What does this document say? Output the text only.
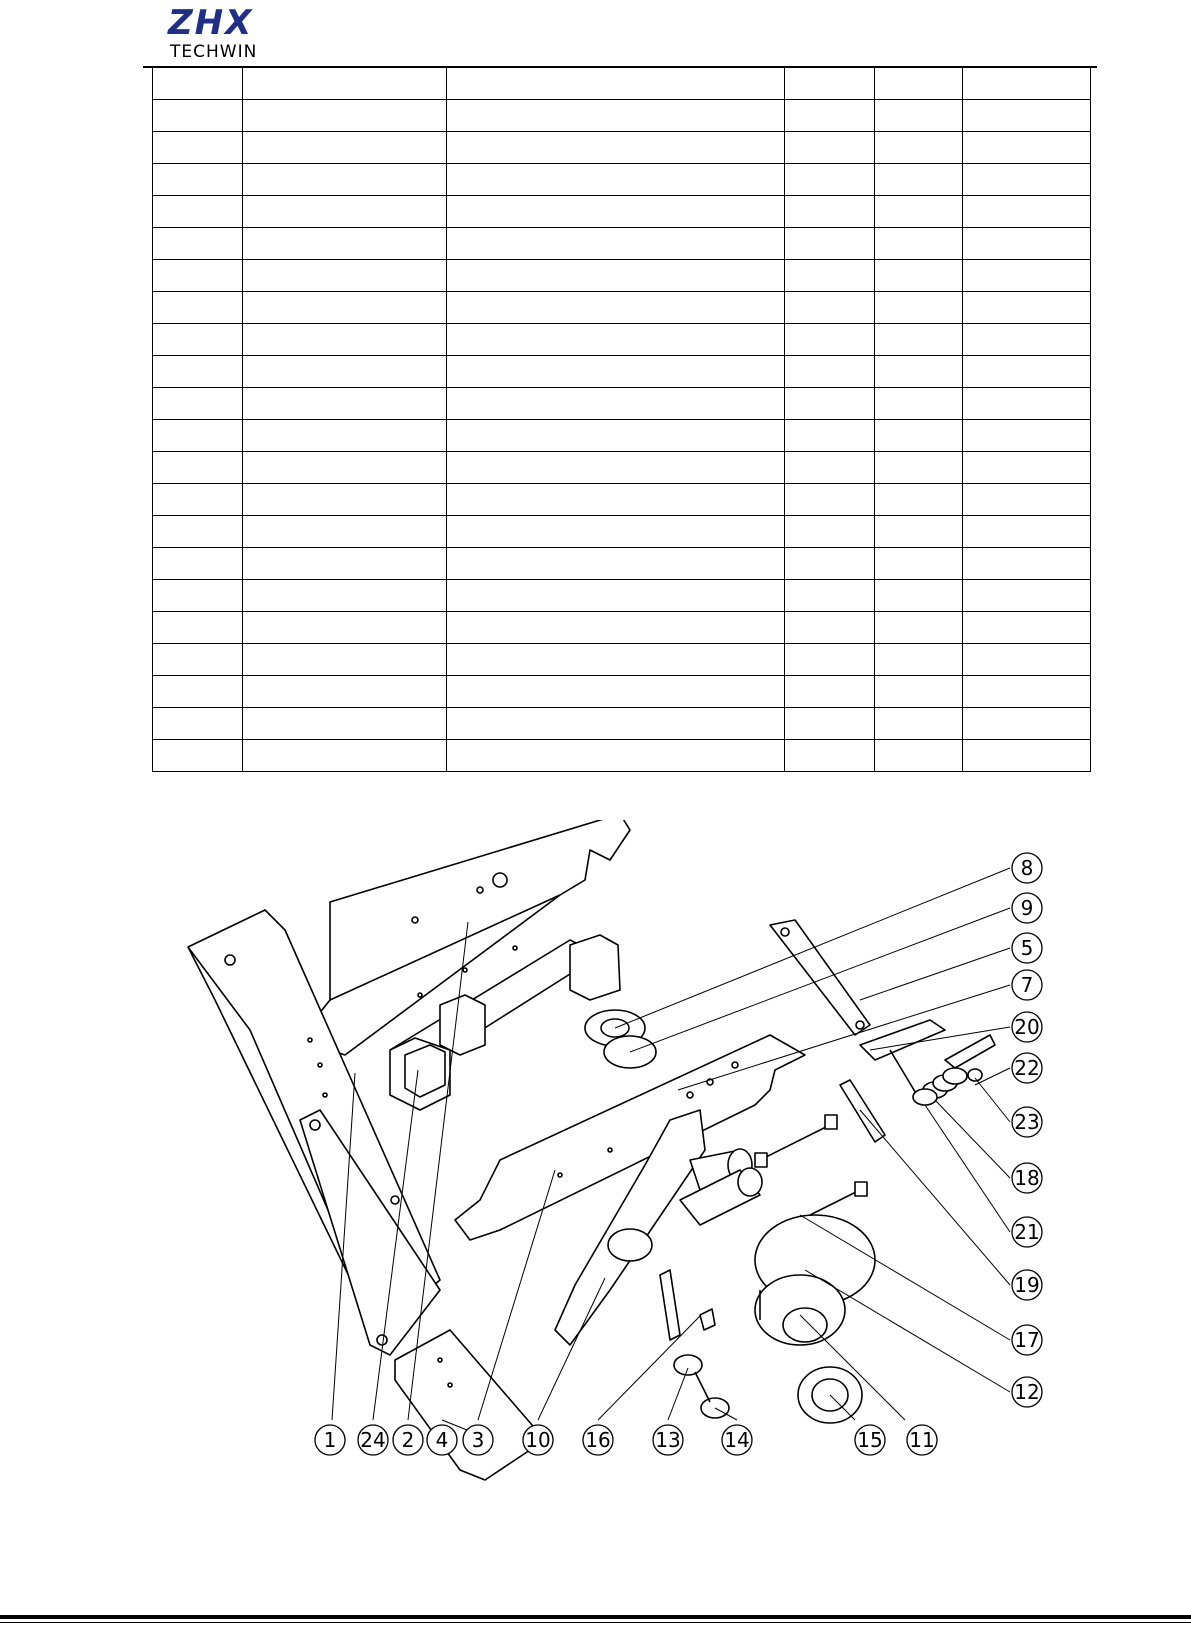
ZHX
TECHWIN

1 24 2 4 3 10 16 13 14	15 11
8
9
5
7
20
22
23
18
21
19
17
12
